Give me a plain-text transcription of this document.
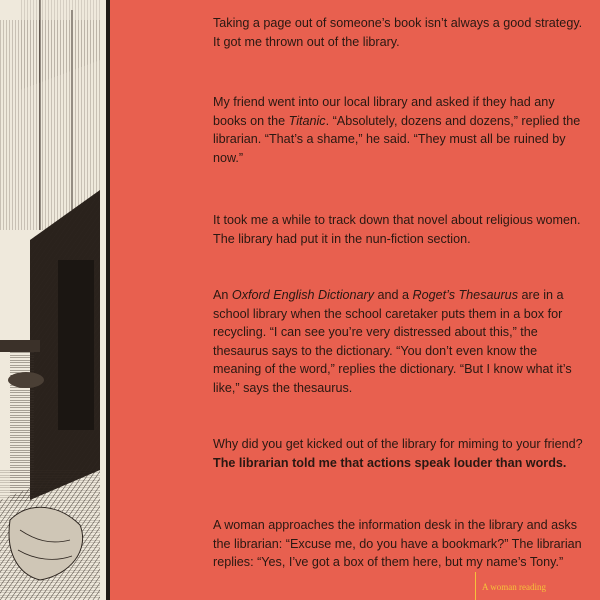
Taking a page out of someone’s book isn’t always a good strategy. It got me thrown out of the library.

My friend went into our local library and asked if they had any books on the Titanic. “Absolutely, dozens and dozens,” replied the librarian. “That’s a shame,” he said. “They must all be ruined by now.”

It took me a while to track down that novel about religious women. The library had put it in the nun-fiction section.

An Oxford English Dictionary and a Roget’s Thesaurus are in a school library when the school caretaker puts them in a box for recycling. “I can see you’re very distressed about this,” the thesaurus says to the dictionary. “You don’t even know the meaning of the word,” replies the dictionary. “But I know what it’s like,” says the thesaurus.

Why did you get kicked out of the library for miming to your friend?

The librarian told me that actions speak louder than words.

A woman approaches the information desk in the library and asks the librarian: “Excuse me, do you have a bookmark?” The librarian replies: “Yes, I’ve got a box of them here, but my name’s Tony.”

A woman reading
